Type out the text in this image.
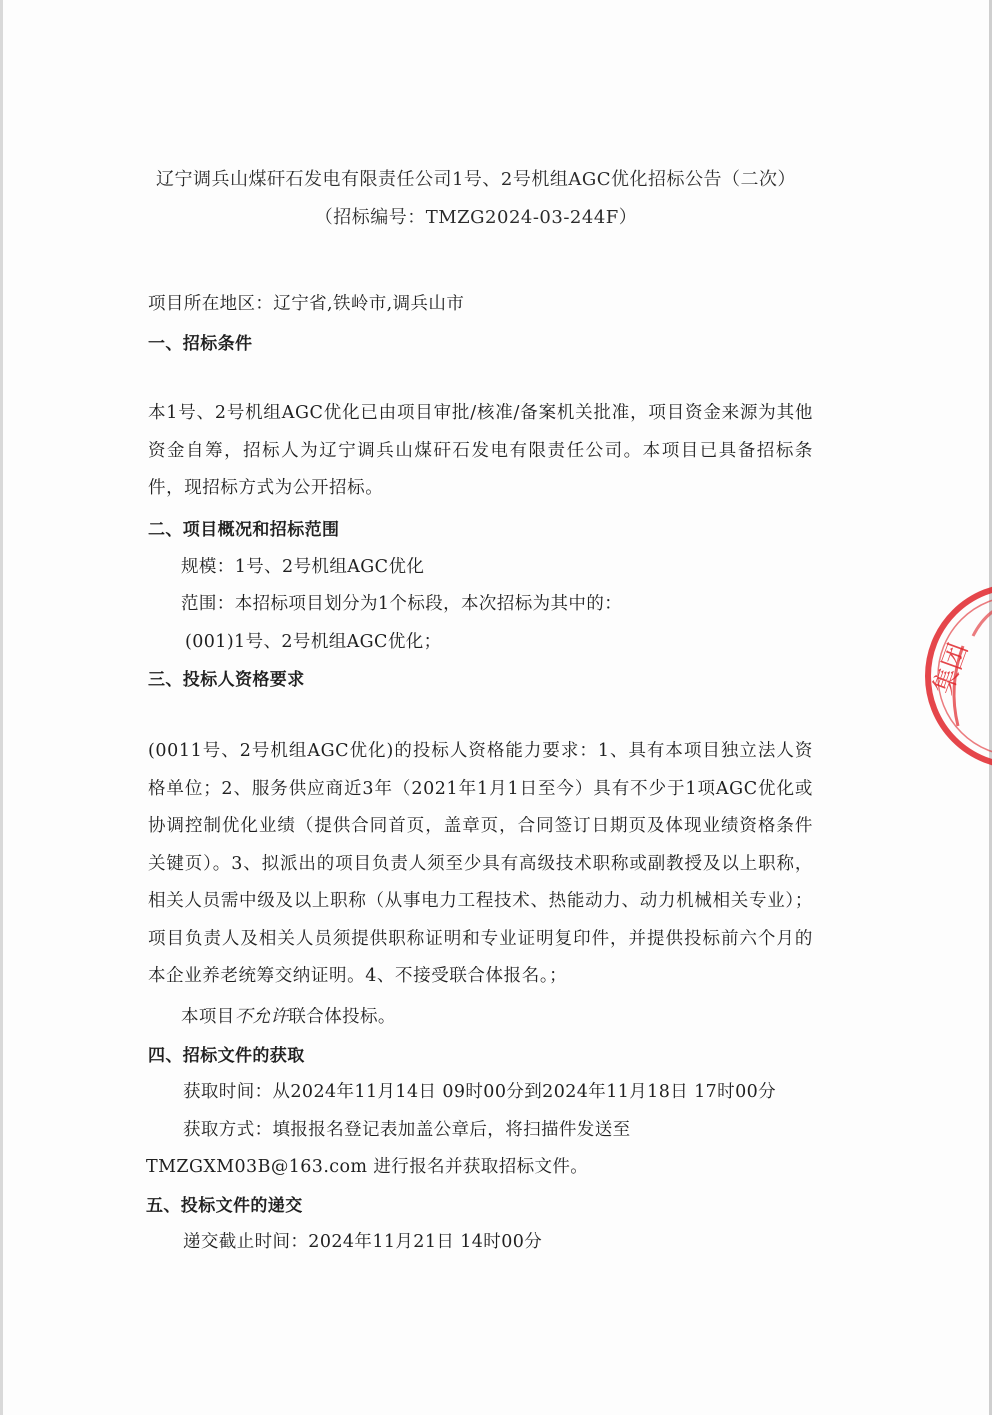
辽宁调兵山煤矸石发电有限责任公司1号、2号机组AGC优化招标公告（二次）
（招标编号：TMZG2024-03-244F）
项目所在地区：辽宁省,铁岭市,调兵山市
一、招标条件
本1号、2号机组AGC优化已由项目审批/核准/备案机关批准，项目资金来源为其他资金自筹，招标人为辽宁调兵山煤矸石发电有限责任公司。本项目已具备招标条件，现招标方式为公开招标。
二、项目概况和招标范围
规模：1号、2号机组AGC优化
范围：本招标项目划分为1个标段，本次招标为其中的：
(001)1号、2号机组AGC优化；
三、投标人资格要求
(0011号、2号机组AGC优化)的投标人资格能力要求：1、具有本项目独立法人资格单位；2、服务供应商近3年（2021年1月1日至今）具有不少于1项AGC优化或协调控制优化业绩（提供合同首页，盖章页，合同签订日期页及体现业绩资格条件关键页）。3、拟派出的项目负责人须至少具有高级技术职称或副教授及以上职称，相关人员需中级及以上职称（从事电力工程技术、热能动力、动力机械相关专业）；项目负责人及相关人员须提供职称证明和专业证明复印件，并提供投标前六个月的本企业养老统筹交纳证明。4、不接受联合体报名。；
本项目不允许联合体投标。
四、招标文件的获取
获取时间：从2024年11月14日 09时00分到2024年11月18日 17时00分
获取方式：填报报名登记表加盖公章后，将扫描件发送至
TMZGXM03B@163.com 进行报名并获取招标文件。
五、投标文件的递交
递交截止时间：2024年11月21日 14时00分
集团
